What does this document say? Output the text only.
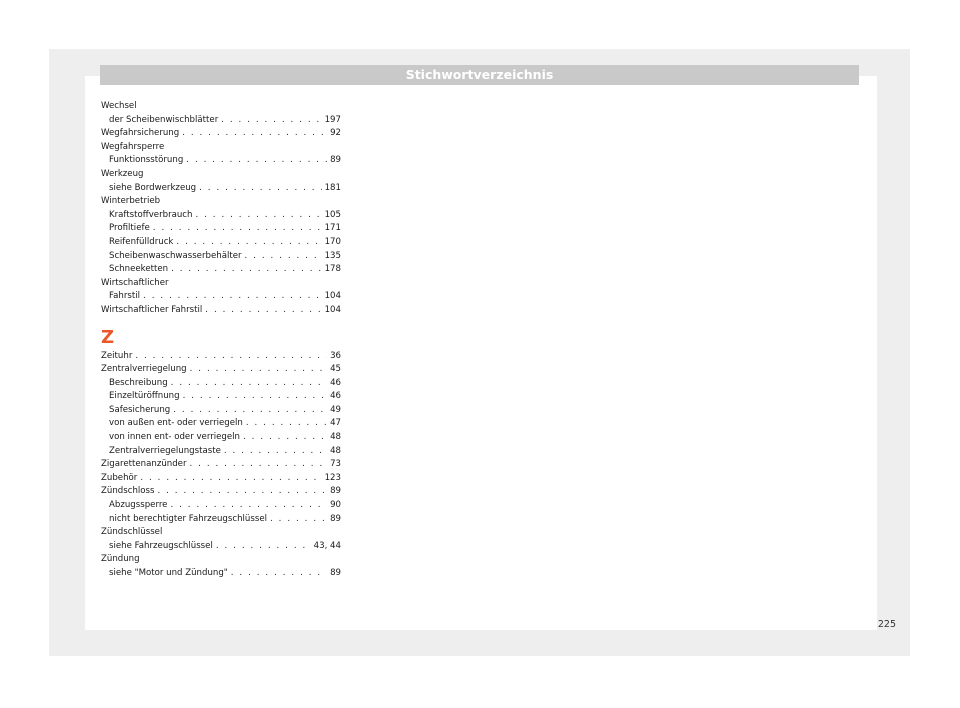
Stichwortverzeichnis
Wechsel
der Scheibenwischblätter . . .	197
Wegfahrsicherung . . .	92
Wegfahrsperre
Funktionsstörung . . .	89
Werkzeug
siehe Bordwerkzeug . . .	181
Winterbetrieb
Kraftstoffverbrauch . . .	105
Profiltiefe . . .	171
Reifenfülldruck . . .	170
Scheibenwaschwasserbehälter . . .	135
Schneeketten . . .	178
Wirtschaftlicher
Fahrstil . . .	104
Wirtschaftlicher Fahrstil . . .	104
Z
Zeituhr . . .	36
Zentralverriegelung . . .	45
Beschreibung . . .	46
Einzeltüröffnung . . .	46
Safesicherung . . .	49
von außen ent- oder verriegeln . . .	47
von innen ent- oder verriegeln . . .	48
Zentralverriegelungstaste . . .	48
Zigarettenanzünder . . .	73
Zubehör . . .	123
Zündschloss . . .	89
Abzugssperre . . .	90
nicht berechtigter Fahrzeugschlüssel . . .	89
Zündschlüssel
siehe Fahrzeugschlüssel . . .	43, 44
Zündung
siehe "Motor und Zündung" . . .	89
225
